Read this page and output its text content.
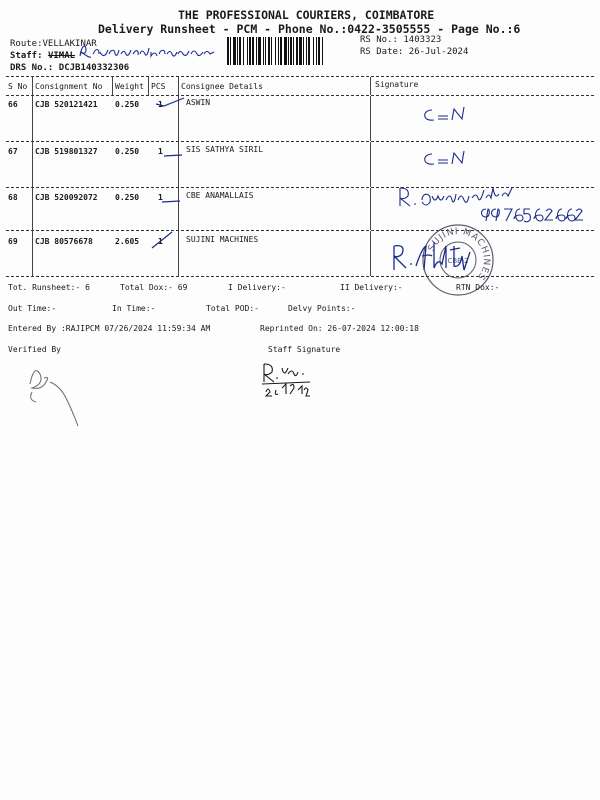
THE PROFESSIONAL COURIERS, COIMBATORE
Delivery Runsheet - PCM - Phone No.:0422-3505555 - Page No.:6
Route:VELLAKINAR
Staff: VIMAL
DRS No.: DCJB140332306
RS No.: 1403323
RS Date: 26-Jul-2024
S No Consignment No Weight PCS Consignee Details	Signature
66 CJB 520121421 0.250 1	ASWIN
67 CJB 519801327 0.250 1	SIS SATHYA SIRIL
68 CJB 520092072 0.250 1	CBE ANAMALLAIS
69 CJB 80576678	2.605 1	SUJINI MACHINES
SUJINI MACHINES
CBE-2
Tot. Runsheet:- 6	Total Dox:- 69	I Delivery:-	II Delivery:-	RTN Dox:-
Out Time:-	In Time:-	Total POD:-	Delvy Points:-
Entered By :RAJIPCM 07/26/2024 11:59:34 AM	Reprinted On: 26-07-2024 12:00:18
Verified By	Staff Signature
